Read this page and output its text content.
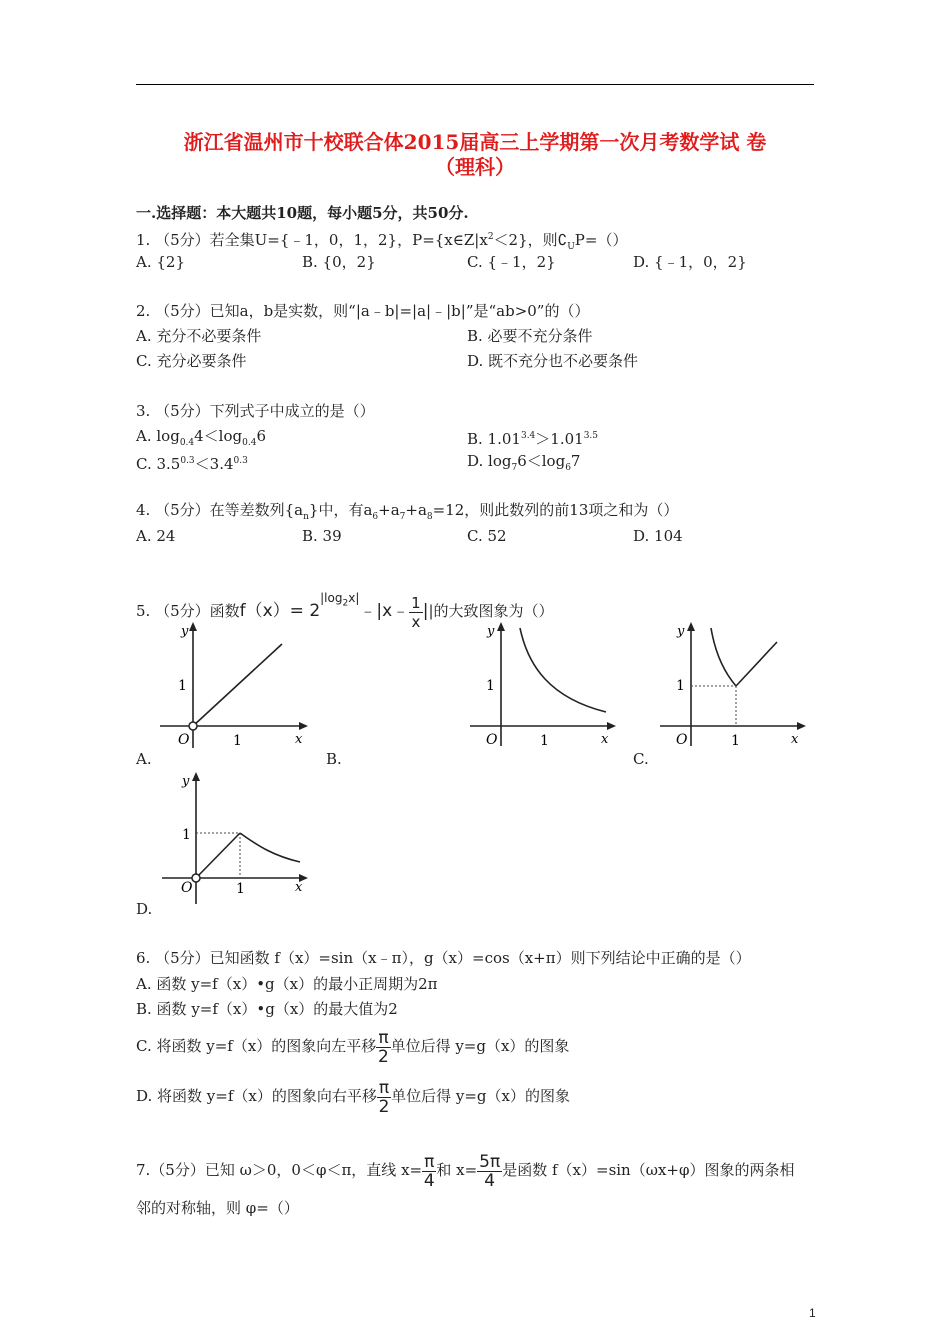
浙江省温州市十校联合体2015届高三上学期第一次月考数学试 卷
（理科）
一.选择题：本大题共10题，每小题5分，共50分.
1. （5分）若全集U={﹣1，0，1，2}，$P=\{x\in Z|x^2<2\}$，则$∁_UP=()$
A. {2}	B. {0，2}	C. {﹣1，2}	D. {﹣1，0，2}
2. （5分）已知a，b是实数，则“|a﹣b|=|a|﹣|b|”是“ab>0”的（）
A. 充分不必要条件	B. 必要不充分条件
C. 充分必要条件	D. 既不充分也不必要条件
3. （5分）下列式子中成立的是（）
A. $\log_{0.4}4<\log_{0.4}6$	B. $1.01^{3.4}>1.01^{3.5}$
C. $3.5^{0.3}<3.4^{0.3}$	D. $\log_76<\log_67$
4. （5分）在等差数列$\{a_n\}$中，有$a_6+a_7+a_8=12$，则此数列的前13项之和为（）
A. 24	B. 39	C. 52	D. 104
5. （5分）函数$f(x)= 2^{|log_2x|}﹣|x﹣ \frac{1}{x}$ ||的大致图象为（）
y
1
O	1	x
A.
y
1
O	1	x
B.
y
1
O	1	x
C.
y
1
O	1	x
D.
6. （5分）已知函数 f（x）=sin（x﹣π），g（x）=cos（x+π）则下列结论中正确的是（）
A. 函数 y=f（x）•g（x）的最小正周期为2π
B. 函数 y=f（x）•g（x）的最大值为2
C. 将函数 y=f（x）的图象向左平移 $\frac{\pi}{2}$ 单位后得 y=g（x）的图象
D. 将函数 y=f（x）的图象向右平移 $\frac{\pi}{2}$ 单位后得 y=g（x）的图象
7.（5分）已知 ω＞0，0＜φ＜π，直线 $x= \frac{\pi}{4}$ 和 $x= \frac{5\pi}{4}$ 是函数 f（x）=sin（ωx+φ）图象的两条相
邻的对称轴，则 φ=（）
1
